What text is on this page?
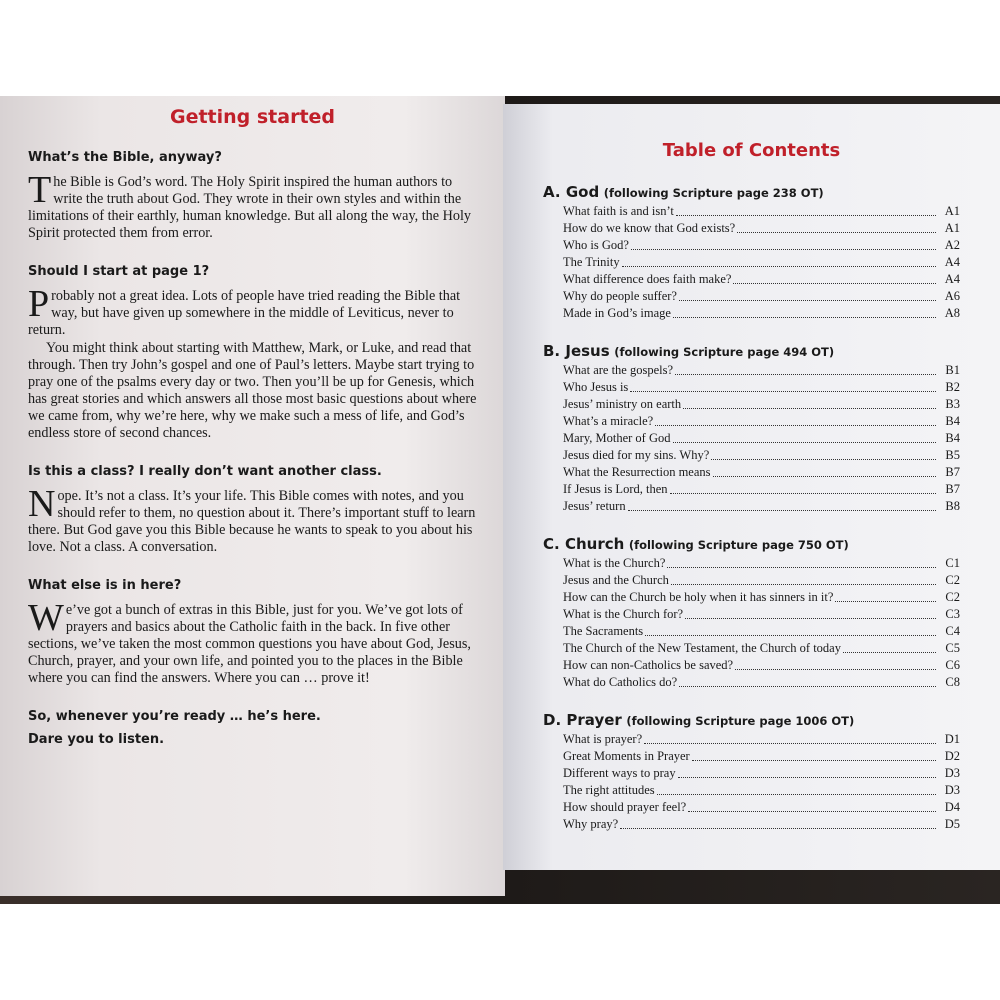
Getting started
What’s the Bible, anyway?
The Bible is God’s word. The Holy Spirit inspired the human authors to write the truth about God. They wrote in their own styles and within the limitations of their earthly, human knowledge. But all along the way, the Holy Spirit protected them from error.
Should I start at page 1?
Probably not a great idea. Lots of people have tried reading the Bible that way, but have given up somewhere in the middle of Leviticus, never to return.
You might think about starting with Matthew, Mark, or Luke, and read that through. Then try John’s gospel and one of Paul’s letters. Maybe start trying to pray one of the psalms every day or two. Then you’ll be up for Genesis, which has great stories and which answers all those most basic questions about where we came from, why we’re here, why we make such a mess of life, and God’s endless store of second chances.
Is this a class? I really don’t want another class.
Nope. It’s not a class. It’s your life. This Bible comes with notes, and you should refer to them, no question about it. There’s important stuff to learn there. But God gave you this Bible because he wants to speak to you about his love. Not a class. A conversation.
What else is in here?
We’ve got a bunch of extras in this Bible, just for you. We’ve got lots of prayers and basics about the Catholic faith in the back. In five other sections, we’ve taken the most common questions you have about God, Jesus, Church, prayer, and your own life, and pointed you to the places in the Bible where you can find the answers. Where you can … prove it!
So, whenever you’re ready … he’s here.
Dare you to listen.
Table of Contents
A. God (following Scripture page 238 OT)
What faith is and isn’t	A1
How do we know that God exists?	A1
Who is God?	A2
The Trinity	A4
What difference does faith make?	A4
Why do people suffer?	A6
Made in God’s image	A8
B. Jesus (following Scripture page 494 OT)
What are the gospels?	B1
Who Jesus is	B2
Jesus’ ministry on earth	B3
What’s a miracle?	B4
Mary, Mother of God	B4
Jesus died for my sins. Why?	B5
What the Resurrection means	B7
If Jesus is Lord, then	B7
Jesus’ return	B8
C. Church (following Scripture page 750 OT)
What is the Church?	C1
Jesus and the Church	C2
How can the Church be holy when it has sinners in it?	C2
What is the Church for?	C3
The Sacraments	C4
The Church of the New Testament, the Church of today	C5
How can non-Catholics be saved?	C6
What do Catholics do?	C8
D. Prayer (following Scripture page 1006 OT)
What is prayer?	D1
Great Moments in Prayer	D2
Different ways to pray	D3
The right attitudes	D3
How should prayer feel?	D4
Why pray?	D5
